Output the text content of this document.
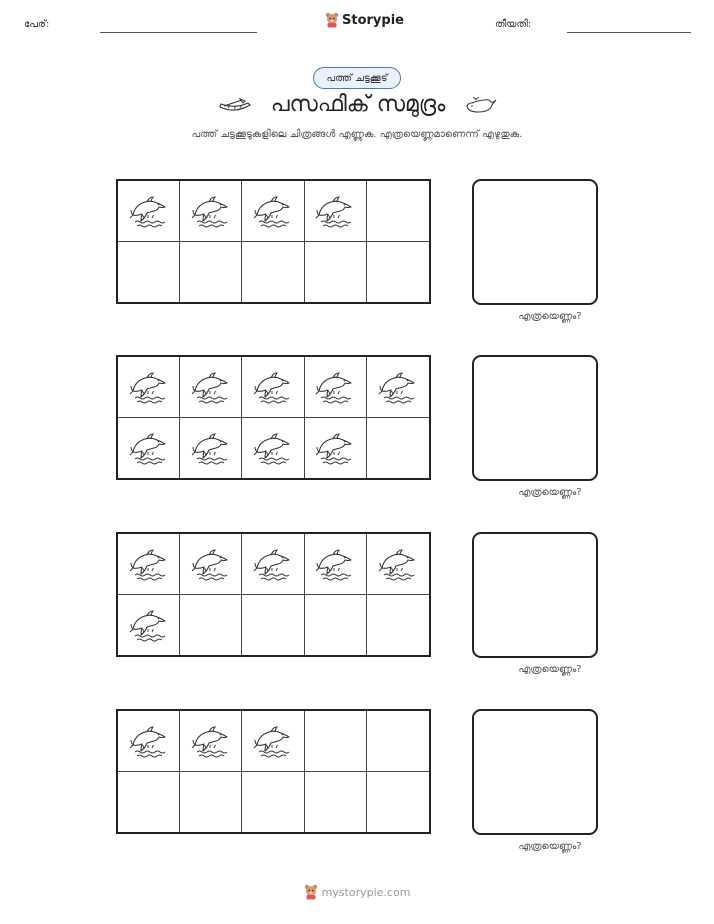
പേര്:	Storypie	തീയതി:
പത്ത് ചട്ടക്കൂട്
പസഫിക് സമുദ്രം
പത്ത് ചട്ടക്കൂടുകളിലെ ചിത്രങ്ങൾ എണ്ണുക. എത്രയെണ്ണമാണെന്ന് എഴുതുക.
എത്രയെണ്ണം?
എത്രയെണ്ണം?
എത്രയെണ്ണം?
എത്രയെണ്ണം?
mystorypie.com
